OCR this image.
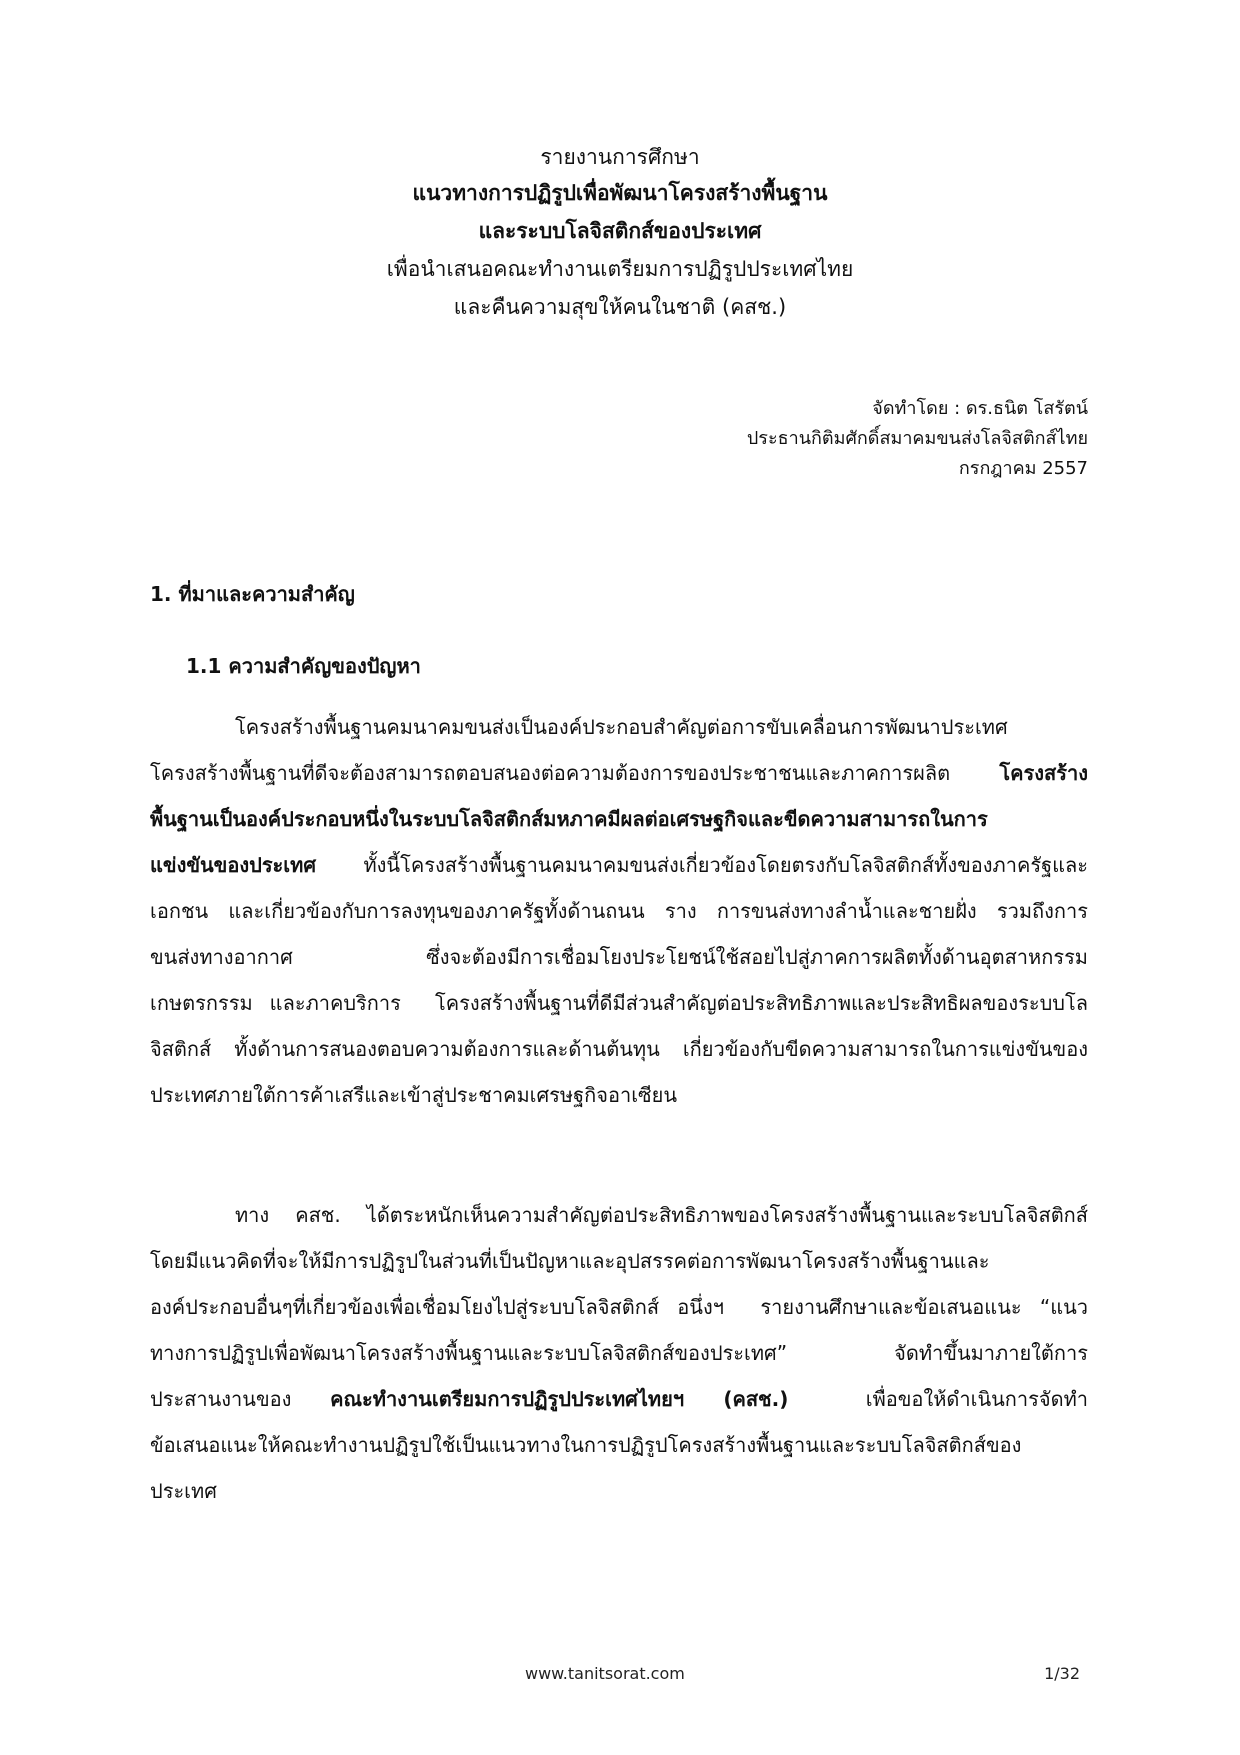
รายงานการศึกษา
แนวทางการปฏิรูปเพื่อพัฒนาโครงสร้างพื้นฐาน
และระบบโลจิสติกส์ของประเทศ
เพื่อนำเสนอคณะทำงานเตรียมการปฏิรูปประเทศไทย
และคืนความสุขให้คนในชาติ (คสช.)
จัดทำโดย : ดร.ธนิต โสรัตน์
ประธานกิติมศักดิ์สมาคมขนส่งโลจิสติกส์ไทย
กรกฎาคม 2557
1. ที่มาและความสำคัญ
1.1 ความสำคัญของปัญหา
โครงสร้างพื้นฐานคมนาคมขนส่งเป็นองค์ประกอบสำคัญต่อการขับเคลื่อนการพัฒนาประเทศ
โครงสร้างพื้นฐานที่ดีจะต้องสามารถตอบสนองต่อความต้องการของประชาชนและภาคการผลิต  โครงสร้าง
พื้นฐานเป็นองค์ประกอบหนึ่งในระบบโลจิสติกส์มหภาคมีผลต่อเศรษฐกิจและขีดความสามารถในการ
แข่งขันของประเทศ  ทั้งนี้โครงสร้างพื้นฐานคมนาคมขนส่งเกี่ยวข้องโดยตรงกับโลจิสติกส์ทั้งของภาครัฐและ
เอกชน และเกี่ยวข้องกับการลงทุนของภาครัฐทั้งด้านถนน ราง การขนส่งทางลำน้ำและชายฝั่ง รวมถึงการ
ขนส่งทางอากาศ  ซึ่งจะต้องมีการเชื่อมโยงประโยชน์ใช้สอยไปสู่ภาคการผลิตทั้งด้านอุตสาหกรรม
เกษตรกรรม และภาคบริการ  โครงสร้างพื้นฐานที่ดีมีส่วนสำคัญต่อประสิทธิภาพและประสิทธิผลของระบบโล
จิสติกส์  ทั้งด้านการสนองตอบความต้องการและด้านต้นทุน  เกี่ยวข้องกับขีดความสามารถในการแข่งขันของ
ประเทศภายใต้การค้าเสรีและเข้าสู่ประชาคมเศรษฐกิจอาเซียน
ทาง คสช. ได้ตระหนักเห็นความสำคัญต่อประสิทธิภาพของโครงสร้างพื้นฐานและระบบโลจิสติกส์
โดยมีแนวคิดที่จะให้มีการปฏิรูปในส่วนที่เป็นปัญหาและอุปสรรคต่อการพัฒนาโครงสร้างพื้นฐานและ
องค์ประกอบอื่นๆที่เกี่ยวข้องเพื่อเชื่อมโยงไปสู่ระบบโลจิสติกส์ อนึ่งฯ  รายงานศึกษาและข้อเสนอแนะ “แนว
ทางการปฏิรูปเพื่อพัฒนาโครงสร้างพื้นฐานและระบบโลจิสติกส์ของประเทศ”  จัดทำขึ้นมาภายใต้การ
ประสานงานของ คณะทำงานเตรียมการปฏิรูปประเทศไทยฯ (คสช.)  เพื่อขอให้ดำเนินการจัดทำ
ข้อเสนอแนะให้คณะทำงานปฏิรูปใช้เป็นแนวทางในการปฏิรูปโครงสร้างพื้นฐานและระบบโลจิสติกส์ของ
ประเทศ
www.tanitsorat.com	1/32
